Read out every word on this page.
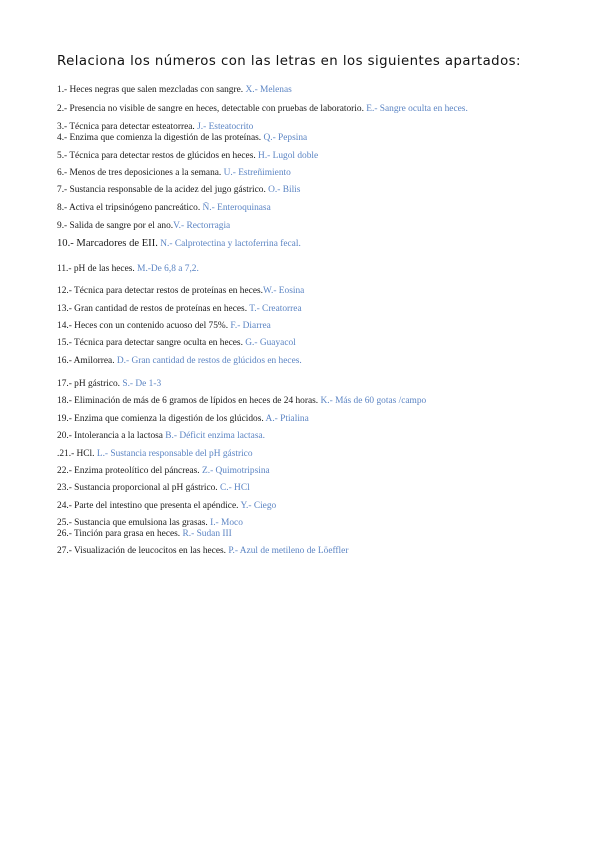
Relaciona los números con las letras en los siguientes apartados:
1.- Heces negras que salen mezcladas con sangre. X.- Melenas
2.- Presencia no visible de sangre en heces, detectable con pruebas de laboratorio. E.- Sangre oculta en heces.
3.- Técnica para detectar esteatorrea. J.- Esteatocrito
4.- Enzima que comienza la digestión de las proteínas. Q.- Pepsina
5.- Técnica para detectar restos de glúcidos en heces. H.- Lugol doble
6.- Menos de tres deposiciones a la semana. U.- Estreñimiento
7.- Sustancia responsable de la acidez del jugo gástrico. O.- Bilis
8.- Activa el tripsinógeno pancreático. Ñ.- Enteroquinasa
9.- Salida de sangre por el ano.V.- Rectorragia
10.- Marcadores de EII. N.- Calprotectina y lactoferrina fecal.
11.- pH de las heces. M.-De 6,8 a 7,2.
12.- Técnica para detectar restos de proteínas en heces.W.- Eosina
13.- Gran cantidad de restos de proteínas en heces. T.- Creatorrea
14.- Heces con un contenido acuoso del 75%. F.- Diarrea
15.- Técnica para detectar sangre oculta en heces. G.- Guayacol
16.- Amilorrea. D.- Gran cantidad de restos de glúcidos en heces.
17.- pH gástrico. S.- De 1-3
18.- Eliminación de más de 6 gramos de lípidos en heces de 24 horas. K.- Más de 60 gotas /campo
19.- Enzima que comienza la digestión de los glúcidos. A.- Ptialina
20.- Intolerancia a la lactosa B.- Déficit enzima lactasa.
.21.- HCl. L.- Sustancia responsable del pH gástrico
22.- Enzima proteolítico del páncreas. Z.- Quimotripsina
23.- Sustancia proporcional al pH gástrico. C.- HCl
24.- Parte del intestino que presenta el apéndice. Y.- Ciego
25.- Sustancia que emulsiona las grasas. I.- Moco
26.- Tinción para grasa en heces. R.- Sudan III
27.- Visualización de leucocitos en las heces. P.- Azul de metileno de Löeffler
